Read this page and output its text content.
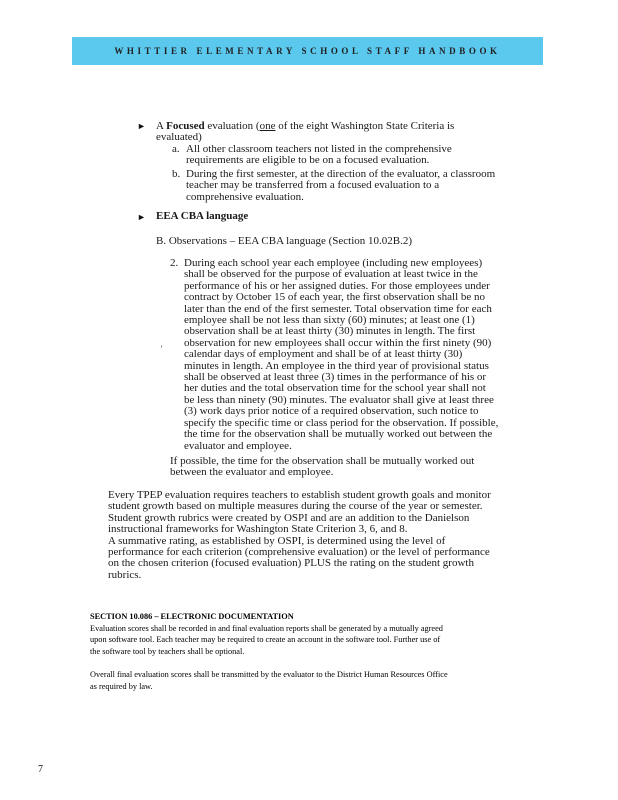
WHITTIER ELEMENTARY SCHOOL STAFF HANDBOOK
► A Focused evaluation (one of the eight Washington State Criteria is
evaluated)
a. All other classroom teachers not listed in the comprehensive
requirements are eligible to be on a focused evaluation.
b. During the first semester, at the direction of the evaluator, a classroom
teacher may be transferred from a focused evaluation to a
comprehensive evaluation.
► EEA CBA language
B. Observations – EEA CBA language (Section 10.02B.2)
2. During each school year each employee (including new employees)
shall be observed for the purpose of evaluation at least twice in the
performance of his or her assigned duties. For those employees under
contract by October 15 of each year, the first observation shall be no
later than the end of the first semester. Total observation time for each
employee shall be not less than sixty (60) minutes; at least one (1)
observation shall be at least thirty (30) minutes in length. The first
observation for new employees shall occur within the first ninety (90)
calendar days of employment and shall be of at least thirty (30)
minutes in length. An employee in the third year of provisional status
shall be observed at least three (3) times in the performance of his or
her duties and the total observation time for the school year shall not
be less than ninety (90) minutes. The evaluator shall give at least three
(3) work days prior notice of a required observation, such notice to
specify the specific time or class period for the observation. If possible,
the time for the observation shall be mutually worked out between the
evaluator and employee.
’
If possible, the time for the observation shall be mutually worked out
between the evaluator and employee.
Every TPEP evaluation requires teachers to establish student growth goals and monitor
student growth based on multiple measures during the course of the year or semester.
Student growth rubrics were created by OSPI and are an addition to the Danielson
instructional frameworks for Washington State Criterion 3, 6, and 8.
A summative rating, as established by OSPI, is determined using the level of
performance for each criterion (comprehensive evaluation) or the level of performance
on the chosen criterion (focused evaluation) PLUS the rating on the student growth
rubrics.
SECTION 10.086 – ELECTRONIC DOCUMENTATION
Evaluation scores shall be recorded in and final evaluation reports shall be generated by a mutually agreed
upon software tool. Each teacher may be required to create an account in the software tool. Further use of
the software tool by teachers shall be optional.
Overall final evaluation scores shall be transmitted by the evaluator to the District Human Resources Office
as required by law.
7
